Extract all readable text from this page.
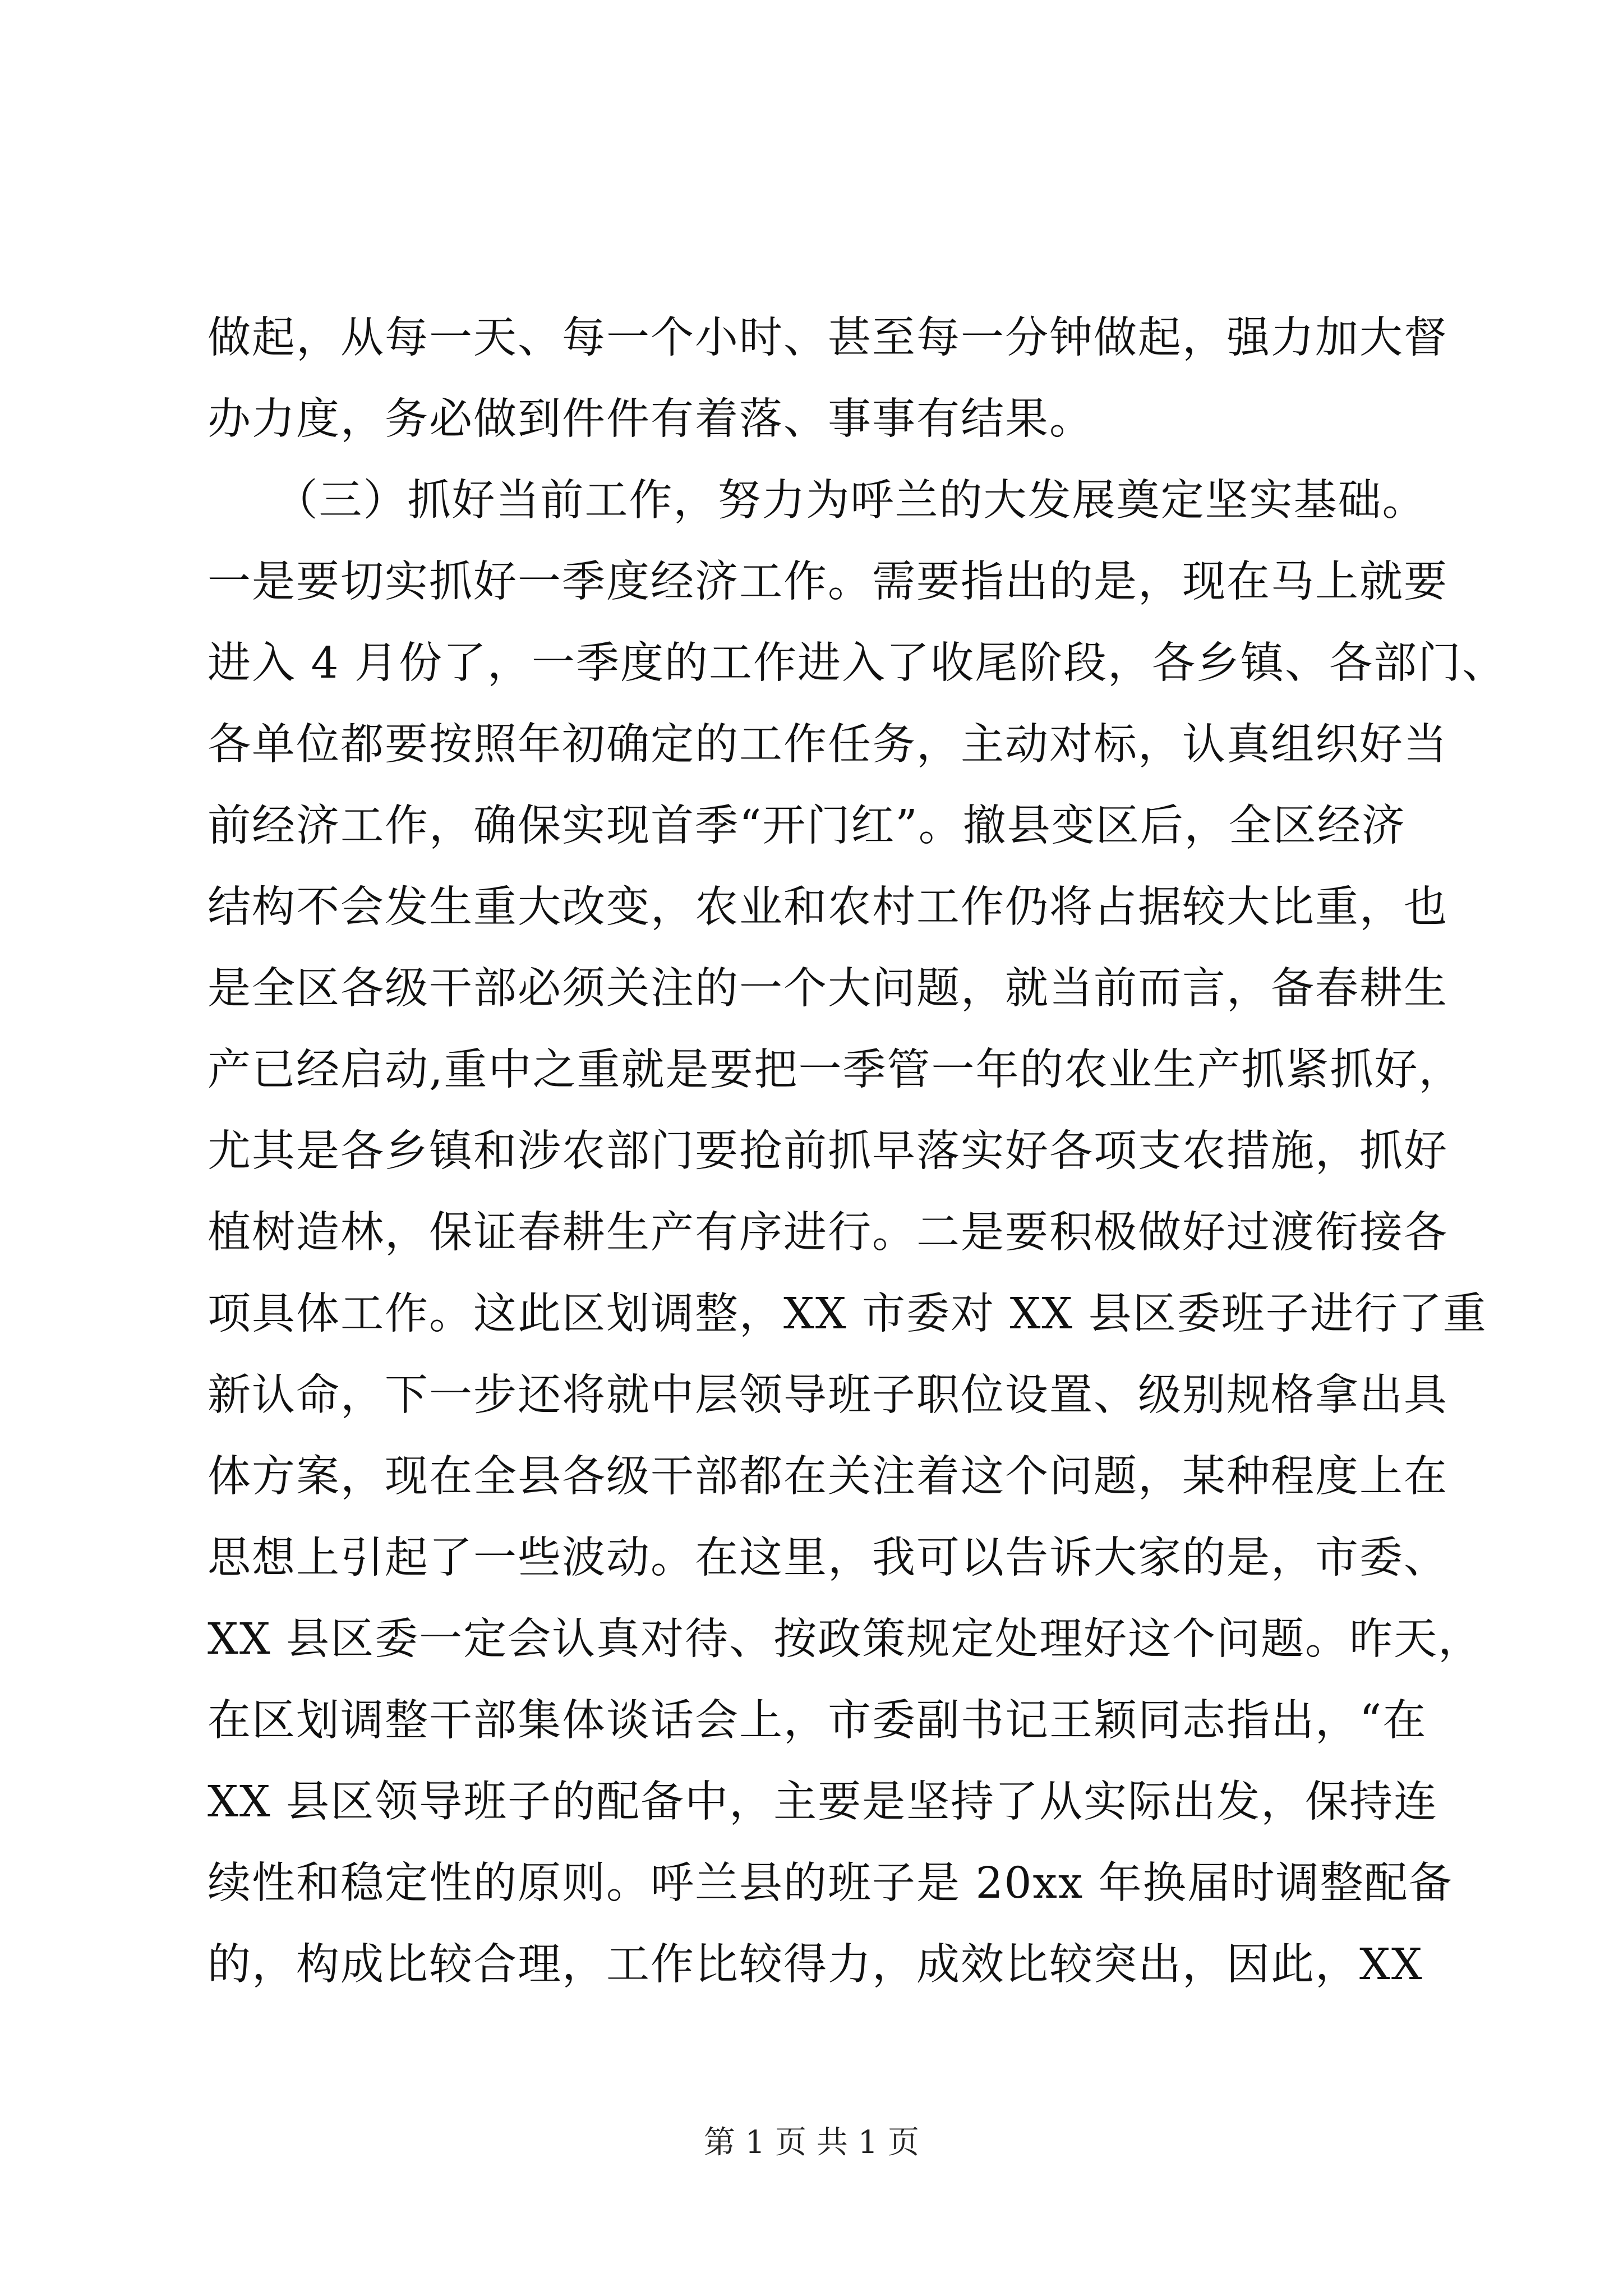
做起，从每一天、每一个小时、甚至每一分钟做起，强力加大督
办力度，务必做到件件有着落、事事有结果。
　　（三）抓好当前工作，努力为呼兰的大发展奠定坚实基础。
一是要切实抓好一季度经济工作。需要指出的是，现在马上就要
进入 4 月份了，一季度的工作进入了收尾阶段，各乡镇、各部门、
各单位都要按照年初确定的工作任务，主动对标，认真组织好当
前经济工作，确保实现首季“开门红”。撤县变区后，全区经济
结构不会发生重大改变，农业和农村工作仍将占据较大比重，也
是全区各级干部必须关注的一个大问题，就当前而言，备春耕生
产已经启动,重中之重就是要把一季管一年的农业生产抓紧抓好，
尤其是各乡镇和涉农部门要抢前抓早落实好各项支农措施，抓好
植树造林，保证春耕生产有序进行。二是要积极做好过渡衔接各
项具体工作。这此区划调整，XX 市委对 XX 县区委班子进行了重
新认命，下一步还将就中层领导班子职位设置、级别规格拿出具
体方案，现在全县各级干部都在关注着这个问题，某种程度上在
思想上引起了一些波动。在这里，我可以告诉大家的是，市委、
XX 县区委一定会认真对待、按政策规定处理好这个问题。昨天，
在区划调整干部集体谈话会上，市委副书记王颖同志指出，“在
XX 县区领导班子的配备中，主要是坚持了从实际出发，保持连
续性和稳定性的原则。呼兰县的班子是 20xx 年换届时调整配备
的，构成比较合理，工作比较得力，成效比较突出，因此，XX
第 1 页 共 1 页
